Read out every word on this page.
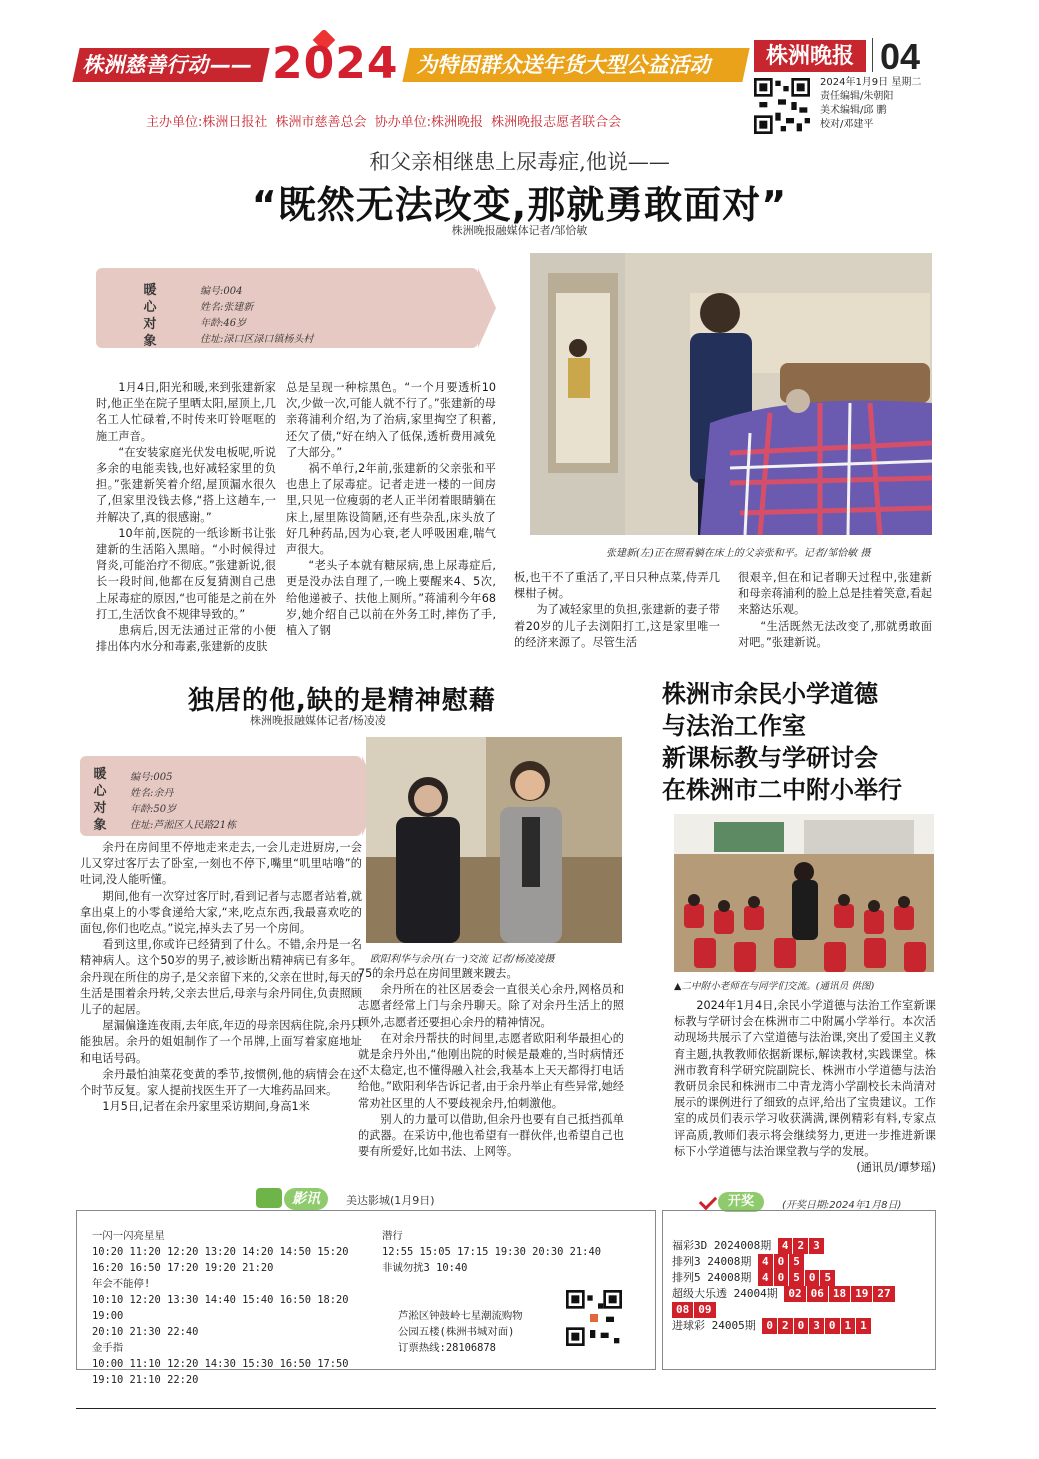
株洲慈善行动—— 2024 为特困群众送年货大型公益活动	株洲晚报 04
2024年1月9日 星期二
责任编辑/朱朝阳
美术编辑/邱 鹏
校对/邓建平
主办单位:株洲日报社 株洲市慈善总会 协办单位:株洲晚报 株洲晚报志愿者联合会
和父亲相继患上尿毒症,他说——
“既然无法改变,那就勇敢面对”
株洲晚报融媒体记者/邹恰敏
暖
心
对
象
编号:004
姓名:张建新
年龄:46岁
住址:渌口区渌口镇杨头村
张建新(左)正在照看躺在床上的父亲张和平。记者/邹恰敏 摄

1月4日,阳光和暖,来到张建新家时,他正坐在院子里晒太阳,屋顶上,几名工人忙碌着,不时传来叮铃哐哐的施工声音。

“在安装家庭光伏发电板呢,听说多余的电能卖钱,也好减轻家里的负担。”张建新笑着介绍,屋顶漏水很久了,但家里没钱去修,“搭上这趟车,一并解决了,真的很感谢。”

10年前,医院的一纸诊断书让张建新的生活陷入黑暗。“小时候得过肾炎,可能治疗不彻底。”张建新说,很长一段时间,他都在反复猜测自己患上尿毒症的原因,“也可能是之前在外打工,生活饮食不规律导致的。”

患病后,因无法通过正常的小便排出体内水分和毒素,张建新的皮肤

总是呈现一种棕黑色。“一个月要透析10次,少做一次,可能人就不行了。”张建新的母亲蒋浦利介绍,为了治病,家里掏空了积蓄,还欠了债,“好在纳入了低保,透析费用减免了大部分。”

祸不单行,2年前,张建新的父亲张和平也患上了尿毒症。记者走进一楼的一间房里,只见一位瘦弱的老人正半闭着眼睛躺在床上,屋里陈设简陋,还有些杂乱,床头放了好几种药品,因为心衰,老人呼吸困难,喘气声很大。

“老头子本就有糖尿病,患上尿毒症后,更是没办法自理了,一晚上要醒来4、5次,给他递被子、扶他上厕所。”蒋浦利今年68岁,她介绍自己以前在外务工时,摔伤了手,植入了钢

板,也干不了重活了,平日只种点菜,侍弄几棵柑子树。

为了减轻家里的负担,张建新的妻子带着20岁的儿子去浏阳打工,这是家里唯一的经济来源了。尽管生活

很艰辛,但在和记者聊天过程中,张建新和母亲蒋浦利的脸上总是挂着笑意,看起来豁达乐观。

“生活既然无法改变了,那就勇敢面对吧。”张建新说。

独居的他,缺的是精神慰藉
株洲晚报融媒体记者/杨凌凌
暖
心
对
象
编号:005
姓名:余丹
年龄:50岁
住址:芦淞区人民路21栋
欧阳利华与余丹(右一)交流 记者/杨凌凌摄

余丹在房间里不停地走来走去,一会儿走进厨房,一会儿又穿过客厅去了卧室,一刻也不停下,嘴里“叽里咕噜”的吐词,没人能听懂。

期间,他有一次穿过客厅时,看到记者与志愿者站着,就拿出桌上的小零食递给大家,“来,吃点东西,我最喜欢吃的面包,你们也吃点。”说完,掉头去了另一个房间。

看到这里,你或许已经猜到了什么。不错,余丹是一名精神病人。这个50岁的男子,被诊断出精神病已有多年。余丹现在所住的房子,是父亲留下来的,父亲在世时,每天的生活是围着余丹转,父亲去世后,母亲与余丹同住,负责照顾儿子的起居。

屋漏偏逢连夜雨,去年底,年迈的母亲因病住院,余丹只能独居。余丹的姐姐制作了一个吊牌,上面写着家庭地址和电话号码。

余丹最怕油菜花变黄的季节,按惯例,他的病情会在这个时节反复。家人提前找医生开了一大堆药品回来。

1月5日,记者在余丹家里采访期间,身高1米

75的余丹总在房间里踱来踱去。

余丹所在的社区居委会一直很关心余丹,网格员和志愿者经常上门与余丹聊天。除了对余丹生活上的照顾外,志愿者还要担心余丹的精神情况。

在对余丹帮扶的时间里,志愿者欧阳利华最担心的就是余丹外出,“他刚出院的时候是最难的,当时病情还不太稳定,也不懂得融入社会,我基本上天天都得打电话给他。”欧阳利华告诉记者,由于余丹举止有些异常,她经常劝社区里的人不要歧视余丹,怕刺激他。

别人的力量可以借助,但余丹也要有自己抵挡孤单的武器。在采访中,他也希望有一群伙伴,也希望自己也要有所爱好,比如书法、上网等。

株洲市余民小学道德
与法治工作室
新课标教与学研讨会
在株洲市二中附小举行
▲二中附小老师在与同学们交流。(通讯员 供图)

2024年1月4日,余民小学道德与法治工作室新课标教与学研讨会在株洲市二中附属小学举行。本次活动现场共展示了六堂道德与法治课,突出了爱国主义教育主题,执教教师依据新课标,解读教材,实践课堂。株洲市教育科学研究院副院长、株洲市小学道德与法治教研员余民和株洲市二中青龙湾小学副校长未尚清对展示的课例进行了细致的点评,给出了宝贵建议。工作室的成员们表示学习收获满满,课例精彩有料,专家点评高质,教师们表示将会继续努力,更进一步推进新课标下小学道德与法治课堂教与学的发展。

(通讯员/谭梦瑶)

影讯	美达影城(1月9日)
一闪一闪亮星星
10:20 11:20 12:20 13:20 14:20 14:50 15:20
16:20 16:50 17:20 19:20 21:20
年会不能停!
10:10 12:20 13:30 14:40 15:40 16:50 18:20 19:00
20:10 21:30 22:40
金手指
10:00 11:10 12:20 14:30 15:30 16:50 17:50
19:10 21:10 22:20
潜行
12:55 15:05 17:15 19:30 20:30 21:40
非诚勿扰3 10:40
芦淞区钟鼓岭七星潮流购物
公园五楼(株洲书城对面)
订票热线:28106878
开奖	(开奖日期:2024年1月8日)
福彩3D 2024008期 4 2 3
排列3 24008期 4 0 5
排列5 24008期 4 0 5 0 5
超级大乐透 24004期 02 06 18 19 27
08 09
进球彩 24005期 0 2 0 3 0 1 1
